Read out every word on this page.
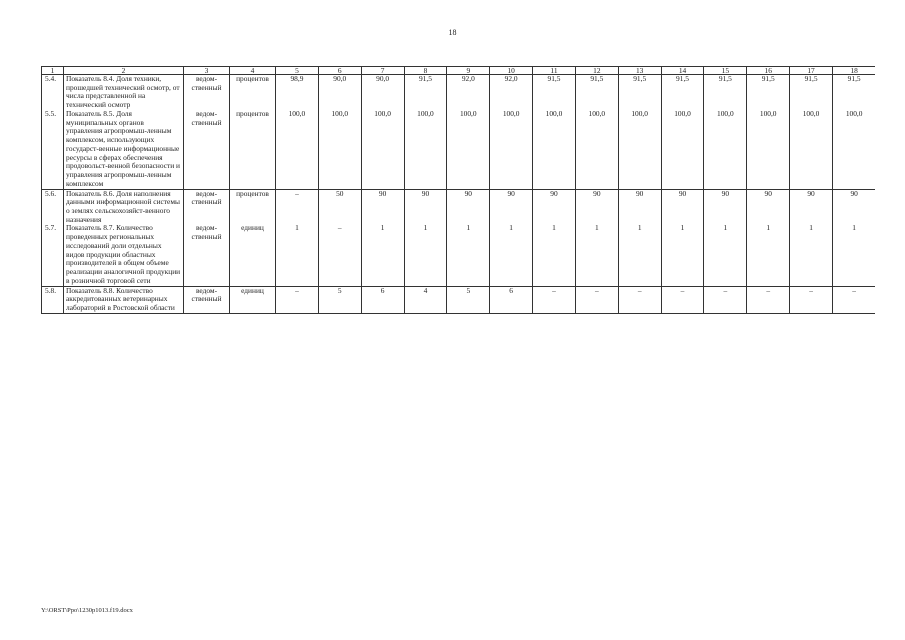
18
1	2	3	4	5	6	7	8	9	10	11	12	13	14	15	16	17	18
5.4.	Показатель 8.4. Доля техники, прошедшей технический осмотр, от числа представленной на технический осмотр	ведом-ственный	процентов	98,9	90,0	90,0	91,5	92,0	92,0	91,5	91,5	91,5	91,5	91,5	91,5	91,5	91,5
5.5.	Показатель 8.5. Доля муниципальных органов управления агропромыш-ленным комплексом, использующих государст-венные информационные ресурсы в сферах обеспечения продовольст-венной безопасности и управления агропромыш-ленным комплексом	ведом-ственный	процентов	100,0	100,0	100,0	100,0	100,0	100,0	100,0	100,0	100,0	100,0	100,0	100,0	100,0	100,0
5.6.	Показатель 8.6. Доля наполнения данными информационной системы о землях сельскохозяйст-венного назначения	ведом-ственный	процентов	–	50	90	90	90	90	90	90	90	90	90	90	90	90
5.7.	Показатель 8.7. Количество проведенных региональных исследований доли отдельных видов продукции областных производителей в общем объеме реализации аналогичной продукции в розничной торговой сети	ведом-ственный	единиц	1	–	1	1	1	1	1	1	1	1	1	1	1	1
5.8.	Показатель 8.8. Количество аккредитованных ветеринарных лабораторий в Ростовской области	ведом-ственный	единиц	–	5	6	4	5	6	–	–	–	–	–	–	–	–
Y:\ORST\Ppo\1230p1013.f19.docx
